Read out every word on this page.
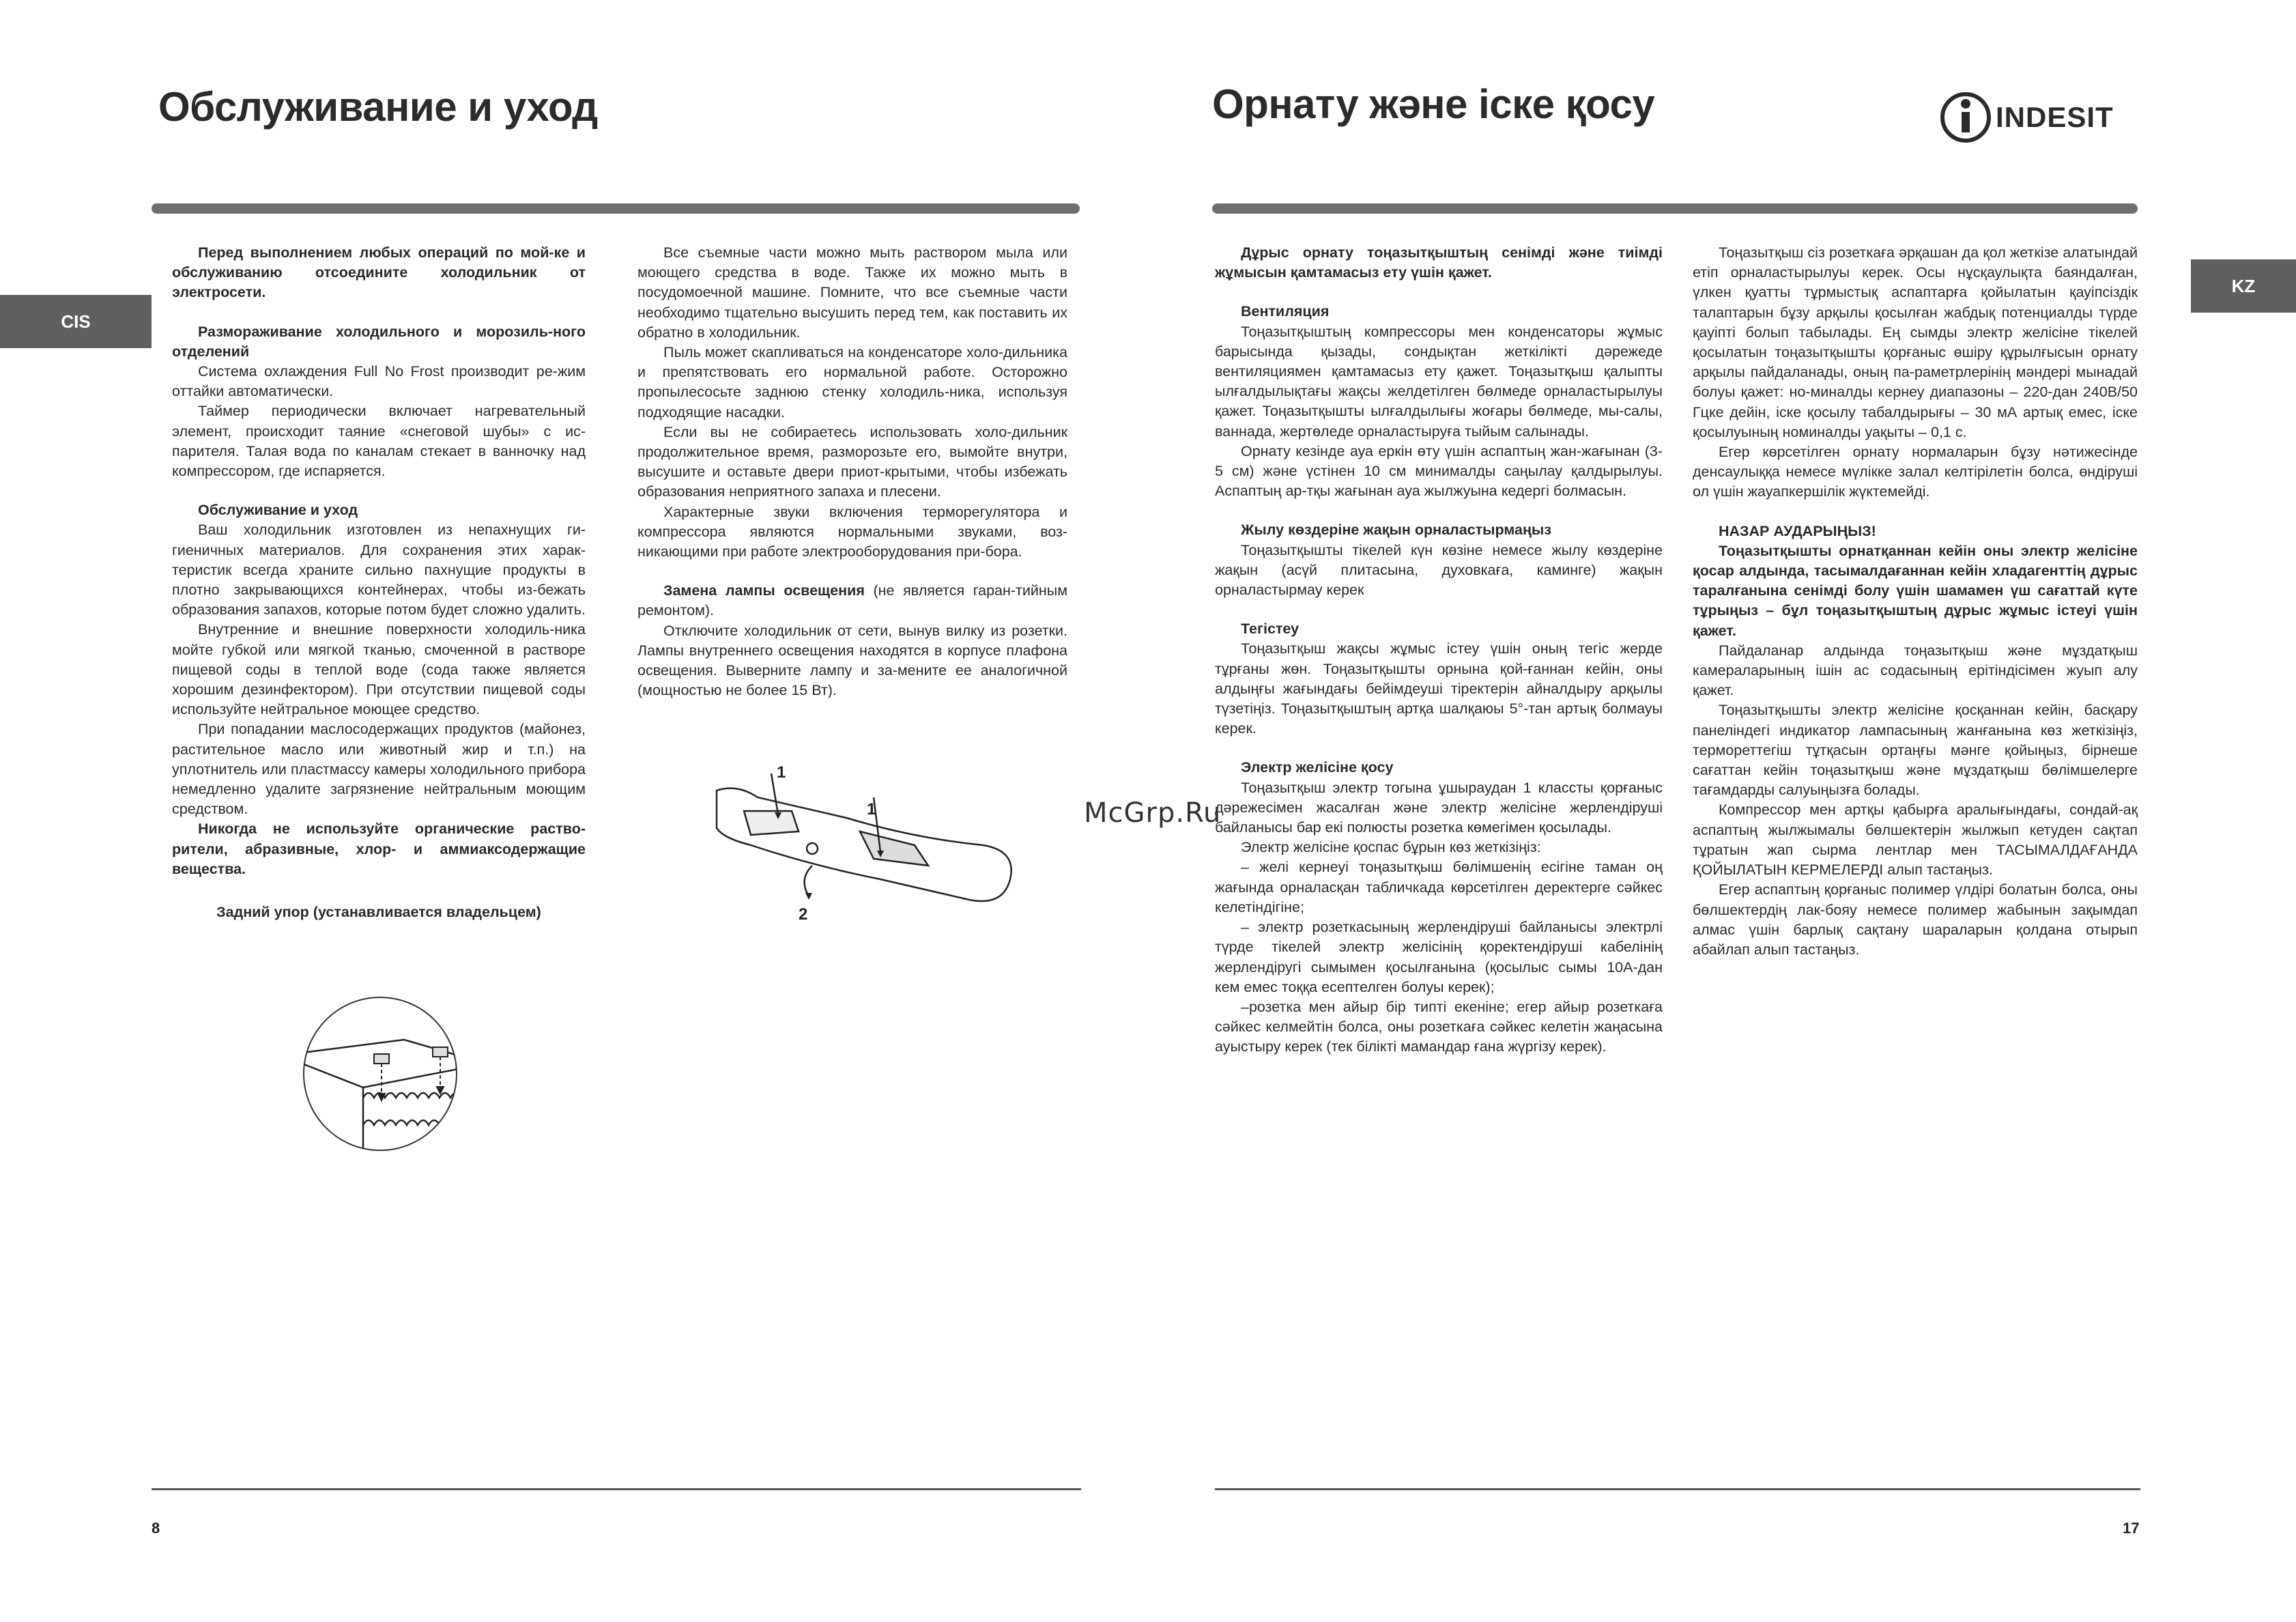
Обслуживание и уход
CIS

Перед выполнением любых операций по мой-ке и обслуживанию отсоедините холодильник от электросети.

Размораживание холодильного и морозиль-ного отделений

Система охлаждения Full No Frost производит ре-жим оттайки автоматически.

Таймер периодически включает нагревательный элемент, происходит таяние «снеговой шубы» с ис-парителя. Талая вода по каналам стекает в ванночку над компрессором, где испаряется.

Обслуживание и уход

Ваш холодильник изготовлен из непахнущих ги-гиеничных материалов. Для сохранения этих харак-теристик всегда храните сильно пахнущие продукты в плотно закрывающихся контейнерах, чтобы из-бежать образования запахов, которые потом будет сложно удалить.

Внутренние и внешние поверхности холодиль-ника мойте губкой или мягкой тканью, смоченной в растворе пищевой соды в теплой воде (сода также является хорошим дезинфектором). При отсутствии пищевой соды используйте нейтральное моющее средство.

При попадании маслосодержащих продуктов (майонез, растительное масло или животный жир и т.п.) на уплотнитель или пластмассу камеры холодильного прибора немедленно удалите загрязнение нейтральным моющим средством.

Никогда не используйте органические раство-рители, абразивные, хлор- и аммиаксодержащие вещества.

Задний упор (устанавливается владельцем)

Все съемные части можно мыть раствором мыла или моющего средства в воде. Также их можно мыть в посудомоечной машине. Помните, что все съемные части необходимо тщательно высушить перед тем, как поставить их обратно в холодильник.

Пыль может скапливаться на конденсаторе холо-дильника и препятствовать его нормальной работе. Осторожно пропылесосьте заднюю стенку холодиль-ника, используя подходящие насадки.

Если вы не собираетесь использовать холо-дильник продолжительное время, разморозьте его, вымойте внутри, высушите и оставьте двери приот-крытыми, чтобы избежать образования неприятного запаха и плесени.

Характерные звуки включения терморегулятора и компрессора являются нормальными звуками, воз-никающими при работе электрооборудования при-бора.

Замена лампы освещения (не является гаран-тийным ремонтом).

Отключите холодильник от сети, вынув вилку из розетки. Лампы внутреннего освещения находятся в корпусе плафона освещения. Выверните лампу и за-мените ее аналогичной (мощностью не более 15 Вт).

1
1
2
8
Орнату және іске қосу	INDESIT
KZ

Дұрыс орнату тоңазытқыштың сенімді және тиімді жұмысын қамтамасыз ету үшін қажет.

Вентиляция

Тоңазытқыштың компрессоры мен конденсаторы жұмыс барысында қызады, сондықтан жеткілікті дәрежеде вентиляциямен қамтамасыз ету қажет. Тоңазытқыш қалыпты ылғалдылықтағы жақсы желдетілген бөлмеде орналастырылуы қажет. Тоңазытқышты ылғалдылығы жоғары бөлмеде, мы-салы, ваннада, жертөледе орналастыруға тыйым салынады.

Орнату кезінде ауа еркін өту үшін аспаптың жан-жағынан (3-5 см) және үстінен 10 см минималды саңылау қалдырылуы. Аспаптың ар-тқы жағынан ауа жылжуына кедергі болмасын.

Жылу көздеріне жақын орналастырмаңыз

Тоңазытқышты тікелей күн көзіне немесе жылу көздеріне жақын (асүй плитасына, духовкаға, каминге) жақын орналастырмау керек

Тегістеу

Тоңазытқыш жақсы жұмыс істеу үшін оның тегіс жерде тұрғаны жөн. Тоңазытқышты орнына қой-ғаннан кейін, оны алдыңғы жағындағы бейімдеуші тіректерін айналдыру арқылы түзетіңіз. Тоңазытқыштың артқа шалқаюы 5°-тан артық болмауы керек.

Электр желісіне қосу

Тоңазытқыш электр тогына ұшыраудан 1 классты қорғаныс дәрежесімен жасалған және электр желісіне жерлендіруші байланысы бар екі полюсты розетка көмегімен қосылады.

Электр желісіне қоспас бұрын көз жеткізіңіз:

– желі кернеуі тоңазытқыш бөлімшенің есігіне таман оң жағында орналасқан табличкада көрсетілген деректерге сәйкес келетіндігіне;

– электр розеткасының жерлендіруші байланысы электрлі түрде тікелей электр желісінің қоректендіруші кабелінің жерлендіругі сымымен қосылғанына (қосылыс сымы 10А-дан кем емес тоққа есептелген болуы керек);

–розетка мен айыр бір типті екеніне; егер айыр розеткаға сәйкес келмейтін болса, оны розеткаға сәйкес келетін жаңасына ауыстыру керек (тек білікті мамандар ғана жүргізу керек).

Тоңазытқыш сіз розеткаға әрқашан да қол жеткізе алатындай етіп орналастырылуы керек. Осы нұсқаулықта баяндалған, үлкен қуатты тұрмыстық аспаптарға қойылатын қауіпсіздік талаптарын бұзу арқылы қосылған жабдық потенциалды түрде қауіпті болып табылады. Ең сымды электр желісіне тікелей қосылатын тоңазытқышты қорғаныс өшіру құрылғысын орнату арқылы пайдаланады, оның па-раметрлерінің мәндері мынадай болуы қажет: но-миналды кернеу диапазоны – 220-дан 240В/50 Гцке дейін, іске қосылу табалдырығы – 30 мА артық емес, іске қосылуының номиналды уақыты – 0,1 с.

Егер көрсетілген орнату нормаларын бұзу нәтижесінде денсаулыққа немесе мүлікке залал келтірілетін болса, өндіруші ол үшін жауапкершілік жүктемейді.

НАЗАР АУДАРЫҢЫЗ!

Тоңазытқышты орнатқаннан кейін оны электр желісіне қосар алдында, тасымалдағаннан кейін хладагенттің дұрыс таралғанына сенімді болу үшін шамамен үш сағаттай күте тұрыңыз – бұл тоңазытқыштың дұрыс жұмыс істеуі үшін қажет.

Пайдаланар алдында тоңазытқыш және мұздатқыш камераларының ішін ас содасының ерітіндісімен жуып алу қажет.

Тоңазытқышты электр желісіне қосқаннан кейін, басқару панеліндегі индикатор лампасының жанғанына көз жеткізіңіз, термореттегіш тұтқасын ортаңғы мәнге қойыңыз, бірнеше сағаттан кейін тоңазытқыш және мұздатқыш бөлімшелерге тағамдарды салуыңызға болады.

Компрессор мен артқы қабырға аралығындағы, сондай-ақ аспаптың жылжымалы бөлшектерін жылжып кетуден сақтап тұратын жап сырма лентлар мен ТАСЫМАЛДАҒАНДА ҚОЙЫЛАТЫН КЕРМЕЛЕРДІ алып тастаңыз.

Егер аспаптың қорғаныс полимер үлдірі болатын болса, оны бөлшектердің лак-бояу немесе полимер жабынын зақымдап алмас үшін барлық сақтану шараларын қолдана отырып абайлап алып тастаңыз.

McGrp.Ru
17
